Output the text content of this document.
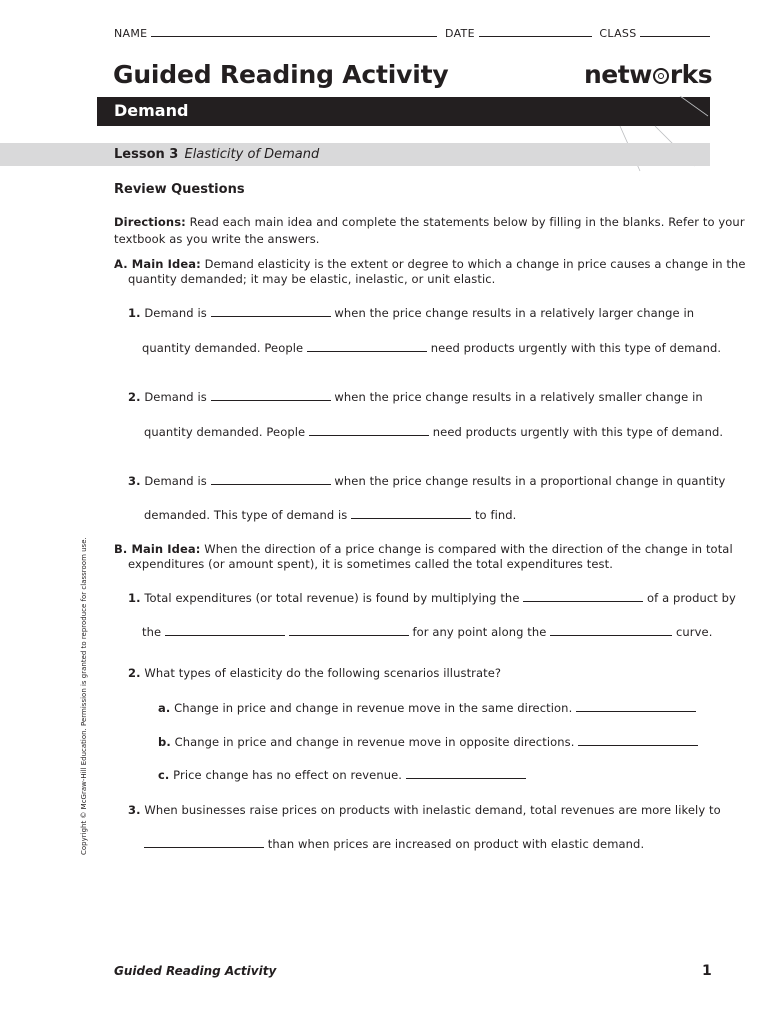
NAME	DATE	CLASS
Guided Reading Activity	netw rks
Demand
Lesson 3 Elasticity of Demand
Review Questions
Directions: Read each main idea and complete the statements below by filling in the blanks. Refer to your
textbook as you write the answers.
A. Main Idea: Demand elasticity is the extent or degree to which a change in price causes a change in the
quantity demanded; it may be elastic, inelastic, or unit elastic.
1. Demand is	when the price change results in a relatively larger change in
quantity demanded. People	need products urgently with this type of demand.
2. Demand is	when the price change results in a relatively smaller change in
quantity demanded. People	need products urgently with this type of demand.
3. Demand is	when the price change results in a proportional change in quantity
demanded. This type of demand is	to find.
B. Main Idea: When the direction of a price change is compared with the direction of the change in total
expenditures (or amount spent), it is sometimes called the total expenditures test.
1. Total expenditures (or total revenue) is found by multiplying the	of a product by
the	for any point along the	curve.
2. What types of elasticity do the following scenarios illustrate?
a. Change in price and change in revenue move in the same direction.
b. Change in price and change in revenue move in opposite directions.
c. Price change has no effect on revenue.
3. When businesses raise prices on products with inelastic demand, total revenues are more likely to
than when prices are increased on product with elastic demand.
Copyright © McGraw-Hill Education. Permission is granted to reproduce for classroom use.
Guided Reading Activity	1
